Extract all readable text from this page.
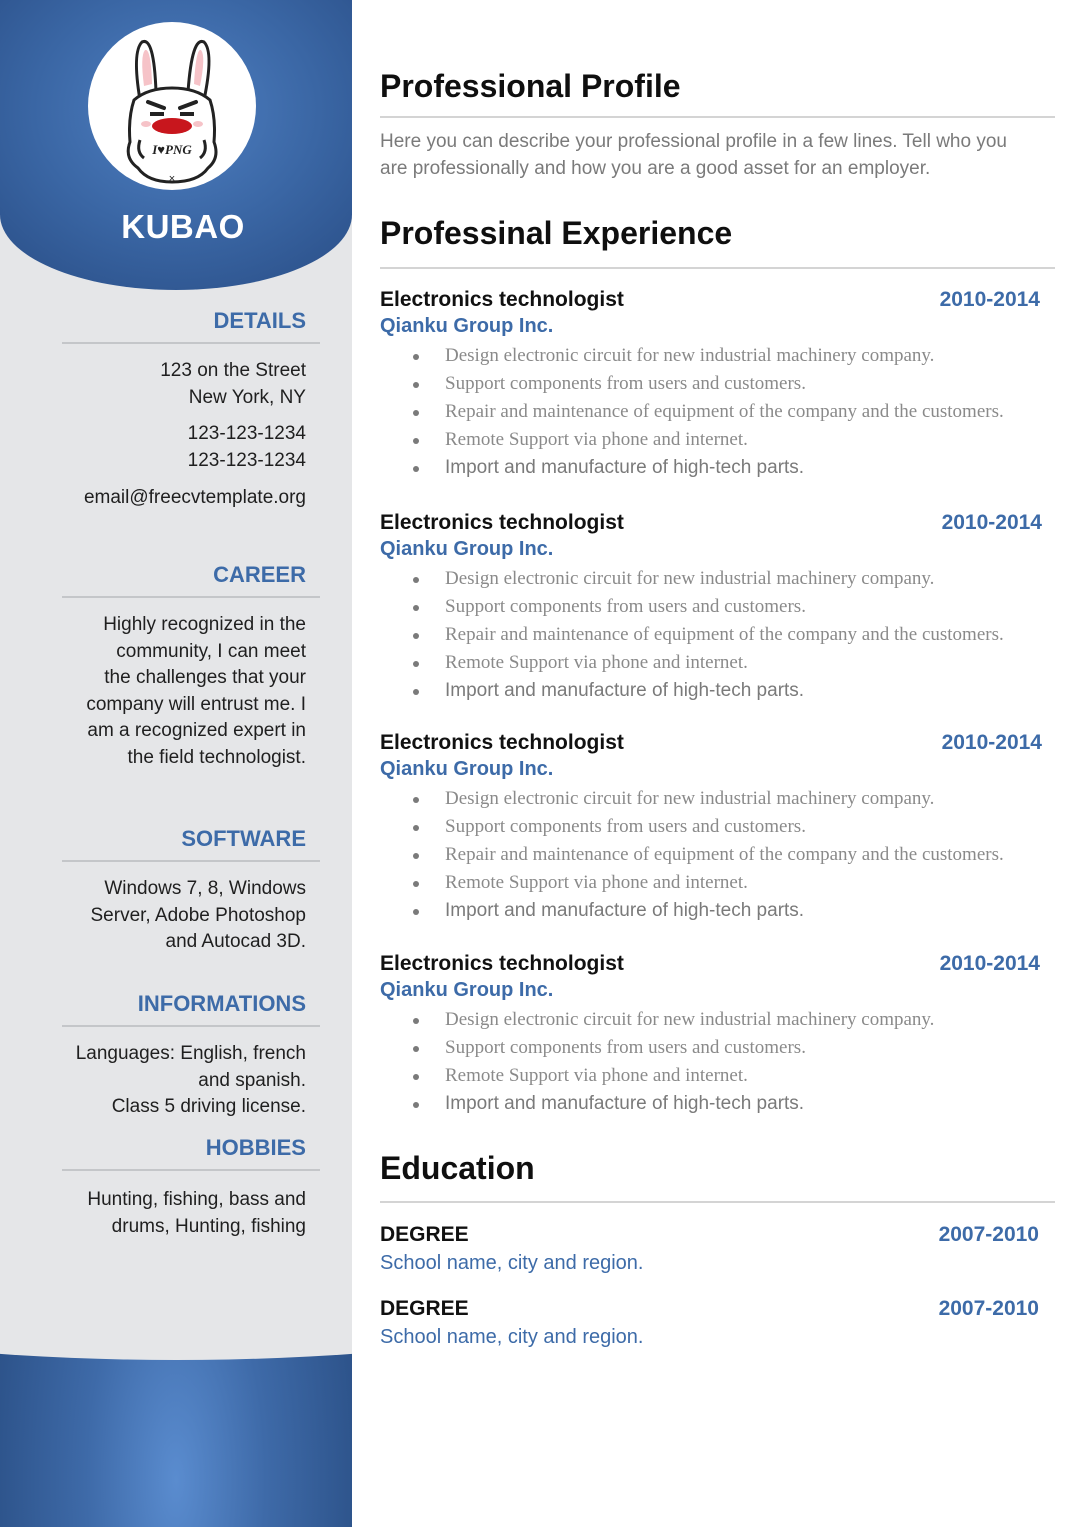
I♥PNG
×
KUBAO
DETAILS
123 on the Street
New York, NY
123-123-1234
123-123-1234
email@freecvtemplate.org
CAREER
Highly recognized in the
community, I can meet
the challenges that your
company will entrust me. I
am a recognized expert in
the field technologist.
SOFTWARE
Windows 7, 8, Windows
Server, Adobe Photoshop
and Autocad 3D.
INFORMATIONS
Languages: English, french
and spanish.
Class 5 driving license.
HOBBIES
Hunting, fishing, bass and
drums, Hunting, fishing
Professional Profile
Here you can describe your professional profile in a few lines. Tell who you
are professionally and how you are a good asset for an employer.
Professinal Experience
Electronics technologist	2010-2014
Qianku Group Inc.
Design electronic circuit for new industrial machinery company.
Support components from users and customers.
Repair and maintenance of equipment of the company and the customers.
Remote Support via phone and internet.
Import and manufacture of high-tech parts.
Electronics technologist	2010-2014
Qianku Group Inc.
Design electronic circuit for new industrial machinery company.
Support components from users and customers.
Repair and maintenance of equipment of the company and the customers.
Remote Support via phone and internet.
Import and manufacture of high-tech parts.
Electronics technologist	2010-2014
Qianku Group Inc.
Design electronic circuit for new industrial machinery company.
Support components from users and customers.
Repair and maintenance of equipment of the company and the customers.
Remote Support via phone and internet.
Import and manufacture of high-tech parts.
Electronics technologist	2010-2014
Qianku Group Inc.
Design electronic circuit for new industrial machinery company.
Support components from users and customers.
Remote Support via phone and internet.
Import and manufacture of high-tech parts.
Education
DEGREE	2007-2010
School name, city and region.
DEGREE	2007-2010
School name, city and region.
